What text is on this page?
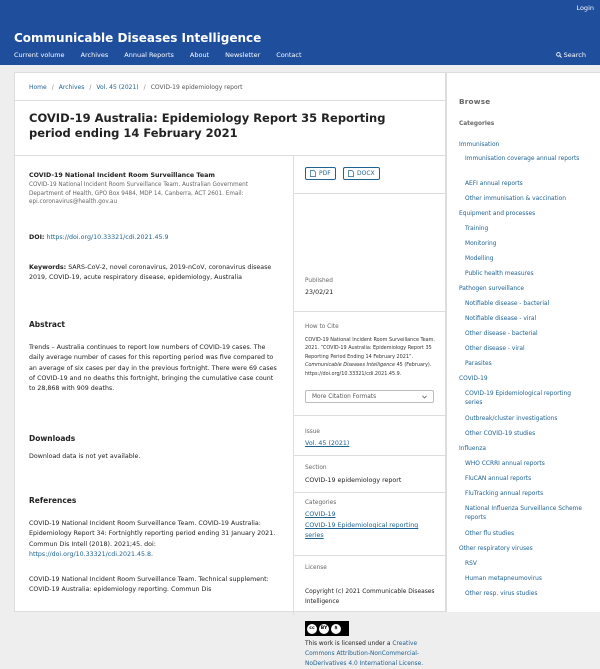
Login
Communicable Diseases Intelligence
Current volume Archives Annual Reports About Newsletter Contact	Search
Home / Archives / Vol. 45 (2021) / COVID-19 epidemiology report
COVID-19 Australia: Epidemiology Report 35 Reporting period ending 14 February 2021
COVID-19 National Incident Room Surveillance Team
COVID-19 National Incident Room Surveillance Team, Australian Government Department of Health, GPO Box 9484, MDP 14, Canberra, ACT 2601. Email: epi.coronavirus@health.gov.au
DOI: https://doi.org/10.33321/cdi.2021.45.9
Keywords: SARS-CoV-2, novel coronavirus, 2019-nCoV, coronavirus disease 2019, COVID-19, acute respiratory disease, epidemiology, Australia
Abstract
Trends – Australia continues to report low numbers of COVID-19 cases. The daily average number of cases for this reporting period was five compared to an average of six cases per day in the previous fortnight. There were 69 cases of COVID-19 and no deaths this fortnight, bringing the cumulative case count to 28,868 with 909 deaths.
Downloads
Download data is not yet available.
References
COVID-19 National Incident Room Surveillance Team. COVID-19 Australia: Epidemiology Report 34: Fortnightly reporting period ending 31 January 2021. Commun Dis Intell (2018). 2021;45. doi: https://doi.org/10.33321/cdi.2021.45.8.
COVID-19 National Incident Room Surveillance Team. Technical supplement: COVID-19 Australia: epidemiology reporting. Commun Dis
PDF	DOCX
Published
23/02/21
How to Cite
COVID-19 National Incident Room Surveillance Team. 2021. “COVID-19 Australia: Epidemiology Report 35 Reporting Period Ending 14 February 2021”. Communicable Diseases Intelligence 45 (February). https://doi.org/10.33321/cdi.2021.45.9.
More Citation Formats
Issue
Vol. 45 (2021)
Section
COVID-19 epidemiology report
Categories
COVID-19
COVID-19 Epidemiological reporting series
License
Copyright (c) 2021 Communicable Diseases Intelligence
cc	BY	$
This work is licensed under a Creative Commons Attribution-NonCommercial-NoDerivatives 4.0 International License.
Browse
Categories
Immunisation
Immunisation coverage annual reports
AEFI annual reports
Other immunisation & vaccination
Equipment and processes
Training
Monitoring
Modelling
Public health measures
Pathogen surveillance
Notifiable disease - bacterial
Notifiable disease - viral
Other disease - bacterial
Other disease - viral
Parasites
COVID-19
COVID-19 Epidemiological reporting series
Outbreak/cluster investigations
Other COVID-19 studies
Influenza
WHO CCRRI annual reports
FluCAN annual reports
FluTracking annual reports
National Influenza Surveillance Scheme reports
Other flu studies
Other respiratory viruses
RSV
Human metapneumovirus
Other resp. virus studies
